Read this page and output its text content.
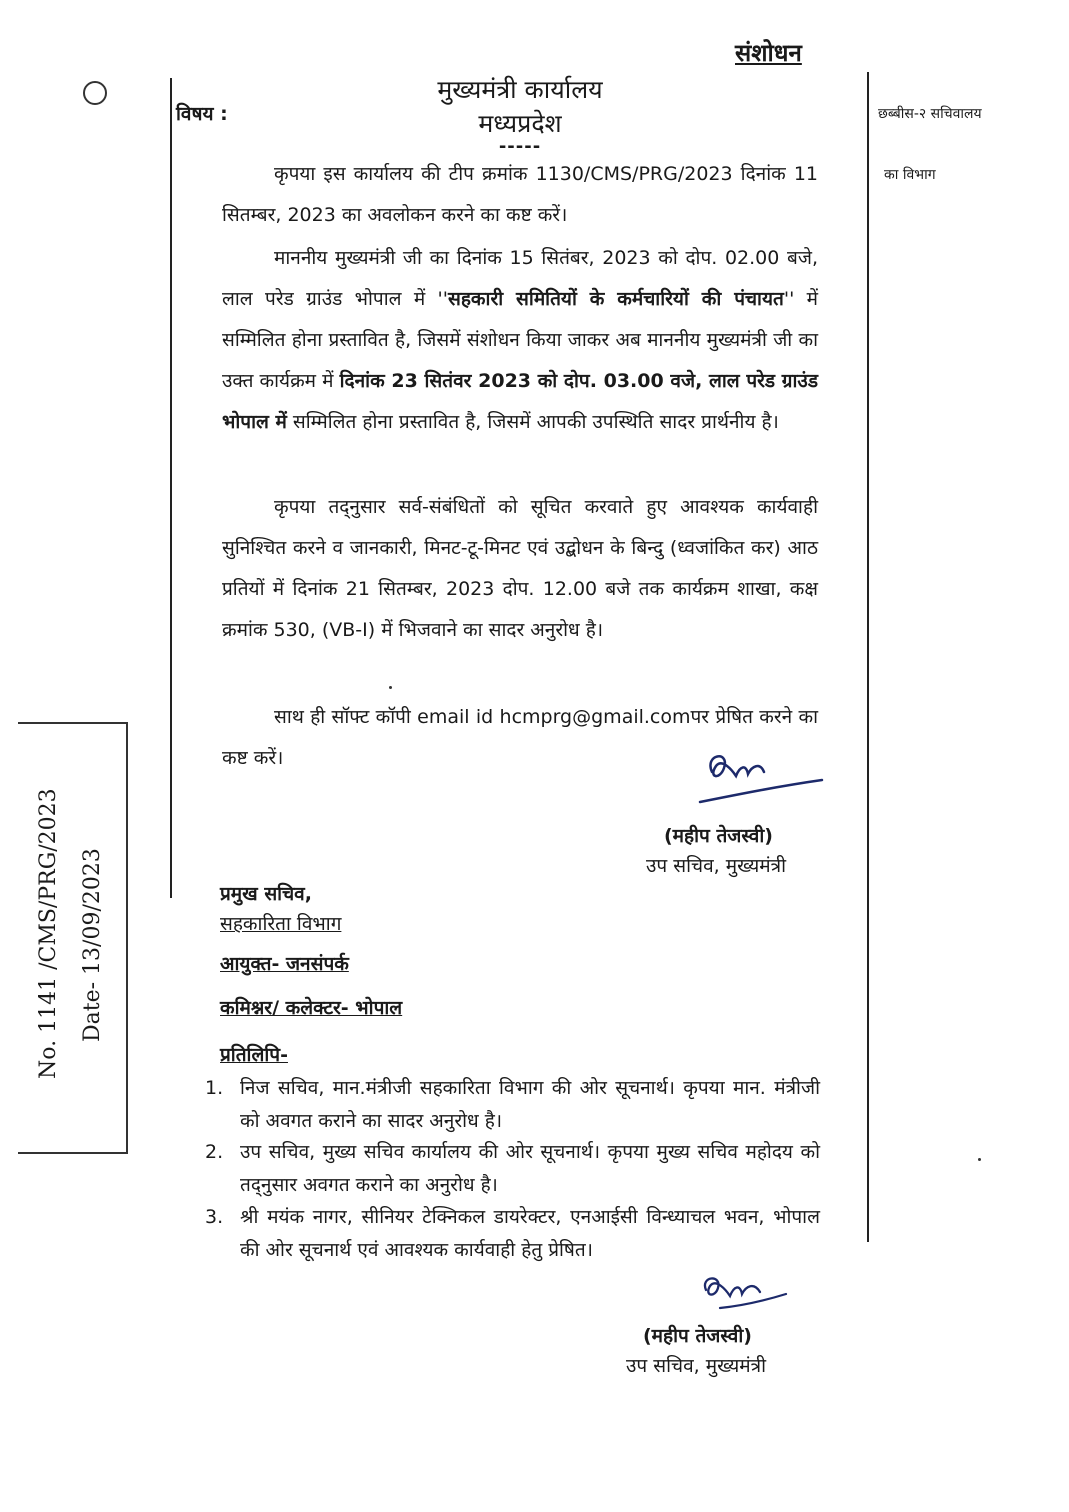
संशोधन
विषय :
मुख्यमंत्री कार्यालय
मध्यप्रदेश
-----
छब्बीस-२ सचिवालय
का विभाग
कृपया इस कार्यालय की टीप क्रमांक 1130/CMS/PRG/2023 दिनांक 11 सितम्बर, 2023 का अवलोकन करने का कष्ट करें।
माननीय मुख्यमंत्री जी का दिनांक 15 सितंबर, 2023 को दोप. 02.00 बजे, लाल परेड ग्राउंड भोपाल में ''सहकारी समितियों के कर्मचारियों की पंचायत'' में सम्मिलित होना प्रस्तावित है, जिसमें संशोधन किया जाकर अब माननीय मुख्यमंत्री जी का उक्त कार्यक्रम में दिनांक 23 सितंवर 2023 को दोप. 03.00 वजे, लाल परेड ग्राउंड भोपाल में सम्मिलित होना प्रस्तावित है, जिसमें आपकी उपस्थिति सादर प्रार्थनीय है।
कृपया तद्नुसार सर्व-संबंधितों को सूचित करवाते हुए आवश्यक कार्यवाही सुनिश्चित करने व जानकारी, मिनट-टू-मिनट एवं उद्बोधन के बिन्दु (ध्वजांकित कर) आठ प्रतियों में दिनांक 21 सितम्बर, 2023 दोप. 12.00 बजे तक कार्यक्रम शाखा, कक्ष क्रमांक 530, (VB-I) में भिजवाने का सादर अनुरोध है।
साथ ही सॉफ्ट कॉपी email id hcmprg@gmail.comपर प्रेषित करने का कष्ट करें।
(महीप तेजस्वी)
उप सचिव, मुख्यमंत्री
प्रमुख सचिव,
सहकारिता विभाग
आयुक्त- जनसंपर्क
कमिश्नर/ कलेक्टर- भोपाल
प्रतिलिपि-
1. निज सचिव, मान.मंत्रीजी सहकारिता विभाग की ओर सूचनार्थ। कृपया मान. मंत्रीजी को अवगत कराने का सादर अनुरोध है।
2. उप सचिव, मुख्य सचिव कार्यालय की ओर सूचनार्थ। कृपया मुख्य सचिव महोदय को तद्नुसार अवगत कराने का अनुरोध है।
3. श्री मयंक नागर, सीनियर टेक्निकल डायरेक्टर, एनआईसी विन्ध्याचल भवन, भोपाल की ओर सूचनार्थ एवं आवश्यक कार्यवाही हेतु प्रेषित।
(महीप तेजस्वी)
उप सचिव, मुख्यमंत्री
No. 1141 /CMS/PRG/2023 Date- 13/09/2023
